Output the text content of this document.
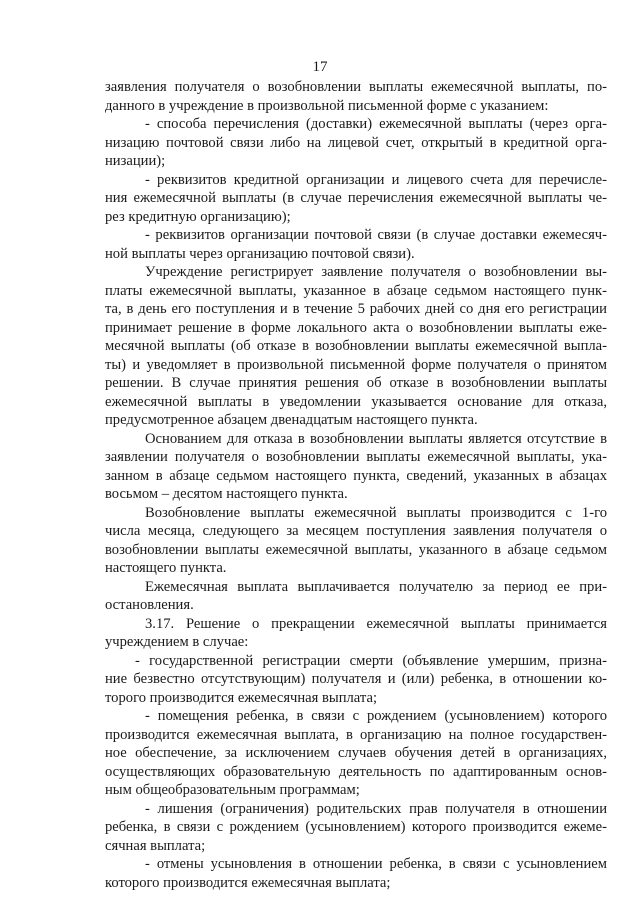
17
заявления получателя о возобновлении выплаты ежемесячной выплаты, по-
данного в учреждение в произвольной письменной форме с указанием:
- способа перечисления (доставки) ежемесячной выплаты (через орга-
низацию почтовой связи либо на лицевой счет, открытый в кредитной орга-
низации);
- реквизитов кредитной организации и лицевого счета для перечисле-
ния ежемесячной выплаты (в случае перечисления ежемесячной выплаты че-
рез кредитную организацию);
- реквизитов организации почтовой связи (в случае доставки ежемесяч-
ной выплаты через организацию почтовой связи).
Учреждение регистрирует заявление получателя о возобновлении вы-
платы ежемесячной выплаты, указанное в абзаце седьмом настоящего пунк-
та, в день его поступления и в течение 5 рабочих дней со дня его регистрации
принимает решение в форме локального акта о возобновлении выплаты еже-
месячной выплаты (об отказе в возобновлении выплаты ежемесячной выпла-
ты) и уведомляет в произвольной письменной форме получателя о принятом
решении. В случае принятия решения об отказе в возобновлении выплаты
ежемесячной выплаты в уведомлении указывается основание для отказа,
предусмотренное абзацем двенадцатым настоящего пункта.
Основанием для отказа в возобновлении выплаты является отсутствие в
заявлении получателя о возобновлении выплаты ежемесячной выплаты, ука-
занном в абзаце седьмом настоящего пункта, сведений, указанных в абзацах
восьмом – десятом настоящего пункта.
Возобновление выплаты ежемесячной выплаты производится с 1-го
числа месяца, следующего за месяцем поступления заявления получателя о
возобновлении выплаты ежемесячной выплаты, указанного в абзаце седьмом
настоящего пункта.
Ежемесячная выплата выплачивается получателю за период ее при-
остановления.
3.17. Решение о прекращении ежемесячной выплаты принимается
учреждением в случае:
- государственной регистрации смерти (объявление умершим, призна-
ние безвестно отсутствующим) получателя и (или) ребенка, в отношении ко-
торого производится ежемесячная выплата;
- помещения ребенка, в связи с рождением (усыновлением) которого
производится ежемесячная выплата, в организацию на полное государствен-
ное обеспечение, за исключением случаев обучения детей в организациях,
осуществляющих образовательную деятельность по адаптированным основ-
ным общеобразовательным программам;
- лишения (ограничения) родительских прав получателя в отношении
ребенка, в связи с рождением (усыновлением) которого производится ежеме-
сячная выплата;
- отмены усыновления в отношении ребенка, в связи с усыновлением
которого производится ежемесячная выплата;
